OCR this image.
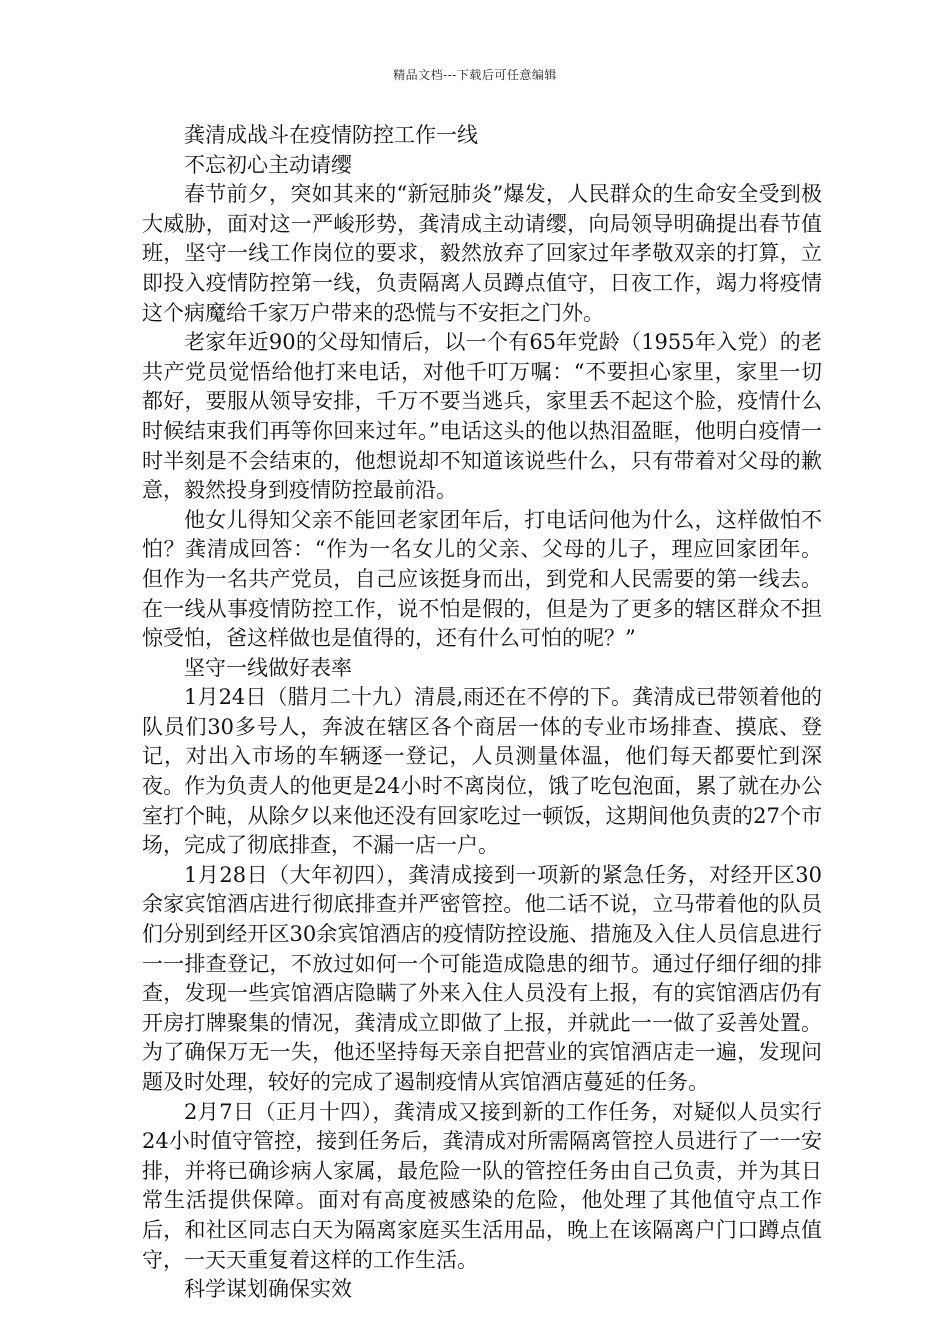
精品文档---下载后可任意编辑

龚清成战斗在疫情防控工作一线

不忘初心主动请缨

春节前夕，突如其来的“新冠肺炎”爆发，人民群众的生命安全受到极大威胁，面对这一严峻形势，龚清成主动请缨，向局领导明确提出春节值班，坚守一线工作岗位的要求，毅然放弃了回家过年孝敬双亲的打算，立即投入疫情防控第一线，负责隔离人员蹲点值守，日夜工作，竭力将疫情这个病魔给千家万户带来的恐慌与不安拒之门外。

老家年近90的父母知情后，以一个有65年党龄（1955年入党）的老共产党员觉悟给他打来电话，对他千叮万嘱：“不要担心家里，家里一切都好，要服从领导安排，千万不要当逃兵，家里丢不起这个脸，疫情什么时候结束我们再等你回来过年。”电话这头的他以热泪盈眶，他明白疫情一时半刻是不会结束的，他想说却不知道该说些什么，只有带着对父母的歉意，毅然投身到疫情防控最前沿。

他女儿得知父亲不能回老家团年后，打电话问他为什么，这样做怕不怕？龚清成回答：“作为一名女儿的父亲、父母的儿子，理应回家团年。但作为一名共产党员，自己应该挺身而出，到党和人民需要的第一线去。在一线从事疫情防控工作，说不怕是假的，但是为了更多的辖区群众不担惊受怕，爸这样做也是值得的，还有什么可怕的呢？”

坚守一线做好表率

1月24日（腊月二十九）清晨,雨还在不停的下。龚清成已带领着他的队员们30多号人，奔波在辖区各个商居一体的专业市场排查、摸底、登记，对出入市场的车辆逐一登记，人员测量体温，他们每天都要忙到深夜。作为负责人的他更是24小时不离岗位，饿了吃包泡面，累了就在办公室打个盹，从除夕以来他还没有回家吃过一顿饭，这期间他负责的27个市场，完成了彻底排查，不漏一店一户。

1月28日（大年初四），龚清成接到一项新的紧急任务，对经开区30余家宾馆酒店进行彻底排查并严密管控。他二话不说，立马带着他的队员们分别到经开区30余宾馆酒店的疫情防控设施、措施及入住人员信息进行一一排查登记，不放过如何一个可能造成隐患的细节。通过仔细仔细的排查，发现一些宾馆酒店隐瞒了外来入住人员没有上报，有的宾馆酒店仍有开房打牌聚集的情况，龚清成立即做了上报，并就此一一做了妥善处置。为了确保万无一失，他还坚持每天亲自把营业的宾馆酒店走一遍，发现问题及时处理，较好的完成了遏制疫情从宾馆酒店蔓延的任务。

2月7日（正月十四），龚清成又接到新的工作任务，对疑似人员实行24小时值守管控，接到任务后，龚清成对所需隔离管控人员进行了一一安排，并将已确诊病人家属，最危险一队的管控任务由自己负责，并为其日常生活提供保障。面对有高度被感染的危险，他处理了其他值守点工作后，和社区同志白天为隔离家庭买生活用品，晚上在该隔离户门口蹲点值守，一天天重复着这样的工作生活。

科学谋划确保实效
